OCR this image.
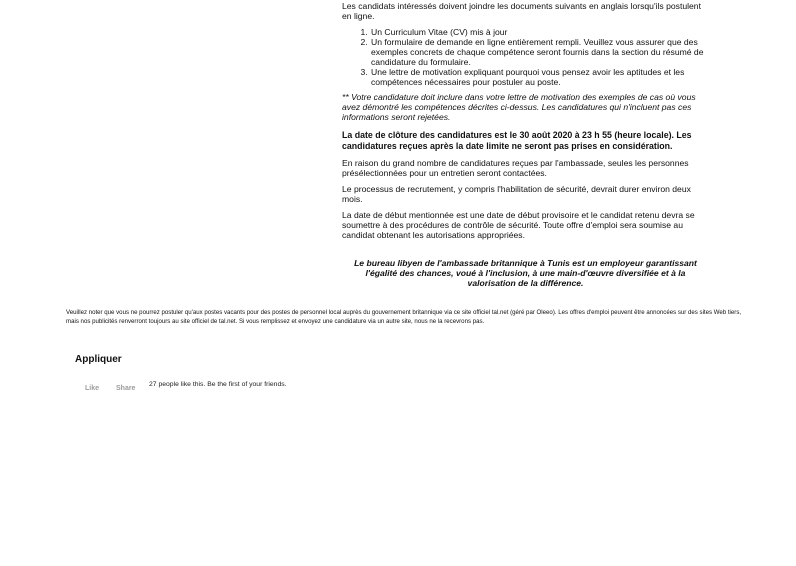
Les candidats intéressés doivent joindre les documents suivants en anglais lorsqu'ils postulent en ligne.

1. Un Curriculum Vitae (CV) mis à jour
2. Un formulaire de demande en ligne entièrement rempli. Veuillez vous assurer que des exemples concrets de chaque compétence seront fournis dans la section du résumé de candidature du formulaire.
3. Une lettre de motivation expliquant pourquoi vous pensez avoir les aptitudes et les compétences nécessaires pour postuler au poste.

** Votre candidature doit inclure dans votre lettre de motivation des exemples de cas où vous avez démontré les compétences décrites ci-dessus. Les candidatures qui n'incluent pas ces informations seront rejetées.

La date de clôture des candidatures est le 30 août 2020 à 23 h 55 (heure locale). Les candidatures reçues après la date limite ne seront pas prises en considération.

En raison du grand nombre de candidatures reçues par l'ambassade, seules les personnes présélectionnées pour un entretien seront contactées.

Le processus de recrutement, y compris l'habilitation de sécurité, devrait durer environ deux mois.

La date de début mentionnée est une date de début provisoire et le candidat retenu devra se soumettre à des procédures de contrôle de sécurité. Toute offre d'emploi sera soumise au candidat obtenant les autorisations appropriées.

Le bureau libyen de l'ambassade britannique à Tunis est un employeur garantissant l'égalité des chances, voué à l'inclusion, à une main-d'œuvre diversifiée et à la valorisation de la différence.

Veuillez noter que vous ne pourrez postuler qu'aux postes vacants pour des postes de personnel local auprès du gouvernement britannique via ce site officiel tal.net (géré par Oleeo). Les offres d'emploi peuvent être annoncées sur des sites Web tiers, mais nos publicités renverront toujours au site officiel de tal.net. Si vous remplissez et envoyez une candidature via un autre site, nous ne la recevrons pas.

Appliquer
Like	Share
27 people like this. Be the first of your friends.
